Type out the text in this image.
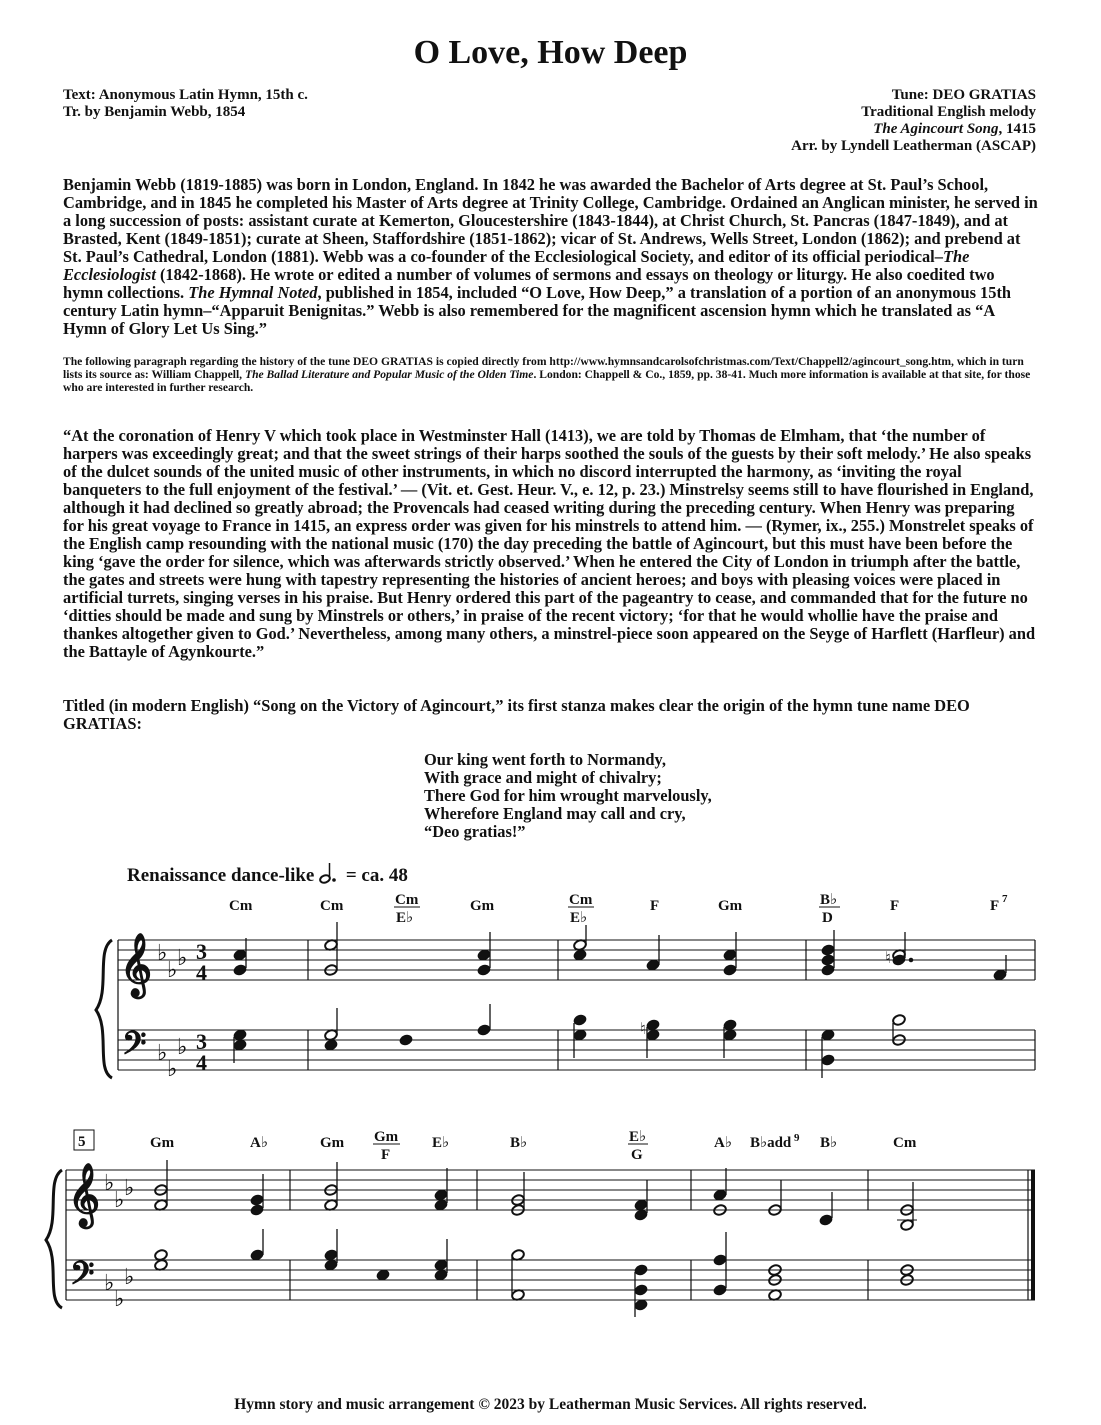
O Love, How Deep
Text: Anonymous Latin Hymn, 15th c.
Tr. by Benjamin Webb, 1854
Tune: DEO GRATIAS
Traditional English melody
The Agincourt Song, 1415
Arr. by Lyndell Leatherman (ASCAP)
Benjamin Webb (1819-1885) was born in London, England. In 1842 he was awarded the Bachelor of Arts degree at St. Paul’s School, Cambridge, and in 1845 he completed his Master of Arts degree at Trinity College, Cambridge. Ordained an Anglican minister, he served in a long succession of posts: assistant curate at Kemerton, Gloucestershire (1843-1844), at Christ Church, St. Pancras (1847-1849), and at Brasted, Kent (1849-1851); curate at Sheen, Staffordshire (1851-1862); vicar of St. Andrews, Wells Street, London (1862); and prebend at St. Paul’s Cathedral, London (1881). Webb was a co-founder of the Ecclesiological Society, and editor of its official periodical–The Ecclesiologist (1842-1868). He wrote or edited a number of volumes of sermons and essays on theology or liturgy. He also coedited two hymn collections. The Hymnal Noted, published in 1854, included “O Love, How Deep,” a translation of a portion of an anonymous 15th century Latin hymn–“Apparuit Benignitas.” Webb is also remembered for the magnificent ascension hymn which he translated as “A Hymn of Glory Let Us Sing.”
The following paragraph regarding the history of the tune DEO GRATIAS is copied directly from http://www.hymnsandcarolsofchristmas.com/Text/Chappell2/agincourt_song.htm, which in turn lists its source as: William Chappell, The Ballad Literature and Popular Music of the Olden Time. London: Chappell & Co., 1859, pp. 38-41. Much more information is available at that site, for those who are interested in further research.
“At the coronation of Henry V which took place in Westminster Hall (1413), we are told by Thomas de Elmham, that ‘the number of harpers was exceedingly great; and that the sweet strings of their harps soothed the souls of the guests by their soft melody.’ He also speaks of the dulcet sounds of the united music of other instruments, in which no discord interrupted the harmony, as ‘inviting the royal banqueters to the full enjoyment of the festival.’ — (Vit. et. Gest. Heur. V., e. 12, p. 23.) Minstrelsy seems still to have flourished in England, although it had declined so greatly abroad; the Provencals had ceased writing during the preceding century. When Henry was preparing for his great voyage to France in 1415, an express order was given for his minstrels to attend him. — (Rymer, ix., 255.) Monstrelet speaks of the English camp resounding with the national music (170) the day preceding the battle of Agincourt, but this must have been before the king ‘gave the order for silence, which was afterwards strictly observed.’ When he entered the City of London in triumph after the battle, the gates and streets were hung with tapestry representing the histories of ancient heroes; and boys with pleasing voices were placed in artificial turrets, singing verses in his praise. But Henry ordered this part of the pageantry to cease, and commanded that for the future no ‘ditties should be made and sung by Minstrels or others,’ in praise of the recent victory; ‘for that he would whollie have the praise and thankes altogether given to God.’ Nevertheless, among many others, a minstrel-piece soon appeared on the Seyge of Harflett (Harfleur) and the Battayle of Agynkourte.”
Titled (in modern English) “Song on the Victory of Agincourt,” its first stanza makes clear the origin of the hymn tune name DEO GRATIAS:
Our king went forth to Normandy,
With grace and might of chivalry;
There God for him wrought marvelously,
Wherefore England may call and cry,
“Deo gratias!”
Renaissance dance-like = ca. 48
Cm	Cm	Cm
E♭
Gm	Cm
E♭
F	Gm	B♭
D
F	F 7
𝄞
𝄢
♭
♭ ♭
♭
♭
♭
3
4
3
4
♮
♮
5	Gm	A♭	Gm Gm
F
E♭	B♭	E♭
G
A♭ B♭add 9 B♭	Cm
𝄞
𝄢
♭
♭ ♭
♭
♭
♭
Hymn story and music arrangement © 2023 by Leatherman Music Services. All rights reserved.
